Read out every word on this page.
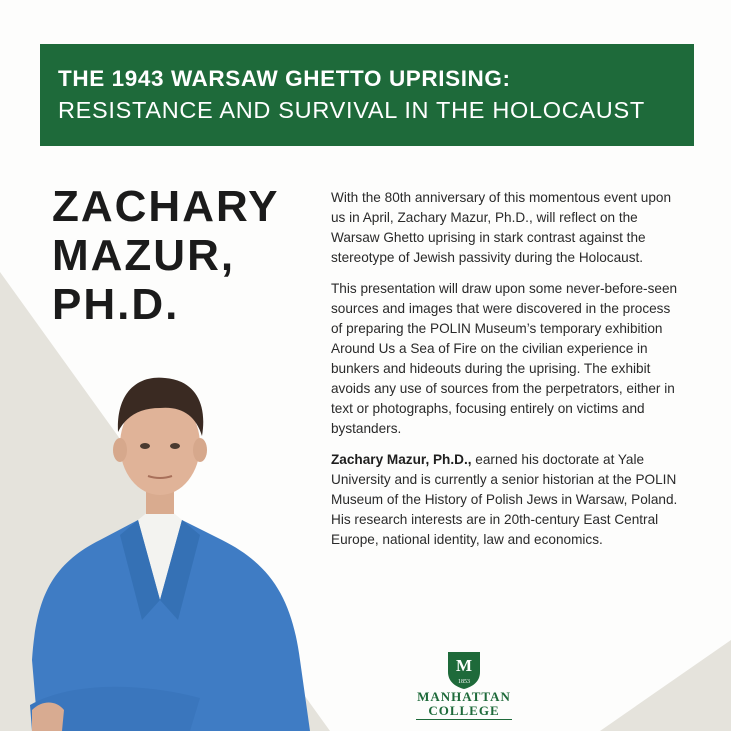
THE 1943 WARSAW GHETTO UPRISING:
RESISTANCE AND SURVIVAL IN THE HOLOCAUST
ZACHARY
MAZUR,
PH.D.

With the 80th anniversary of this momentous event upon us in April, Zachary Mazur, Ph.D., will reflect on the Warsaw Ghetto uprising in stark contrast against the stereotype of Jewish passivity during the Holocaust.

This presentation will draw upon some never-before-seen sources and images that were discovered in the process of preparing the POLIN Museum’s temporary exhibition Around Us a Sea of Fire on the civilian experience in bunkers and hideouts during the uprising. The exhibit avoids any use of sources from the perpetrators, either in text or photographs, focusing entirely on victims and bystanders.

Zachary Mazur, Ph.D., earned his doctorate at Yale University and is currently a senior historian at the POLIN Museum of the History of Polish Jews in Warsaw, Poland. His research interests are in 20th-century East Central Europe, national identity, law and economics.

M
1853
MANHATTAN
COLLEGE
